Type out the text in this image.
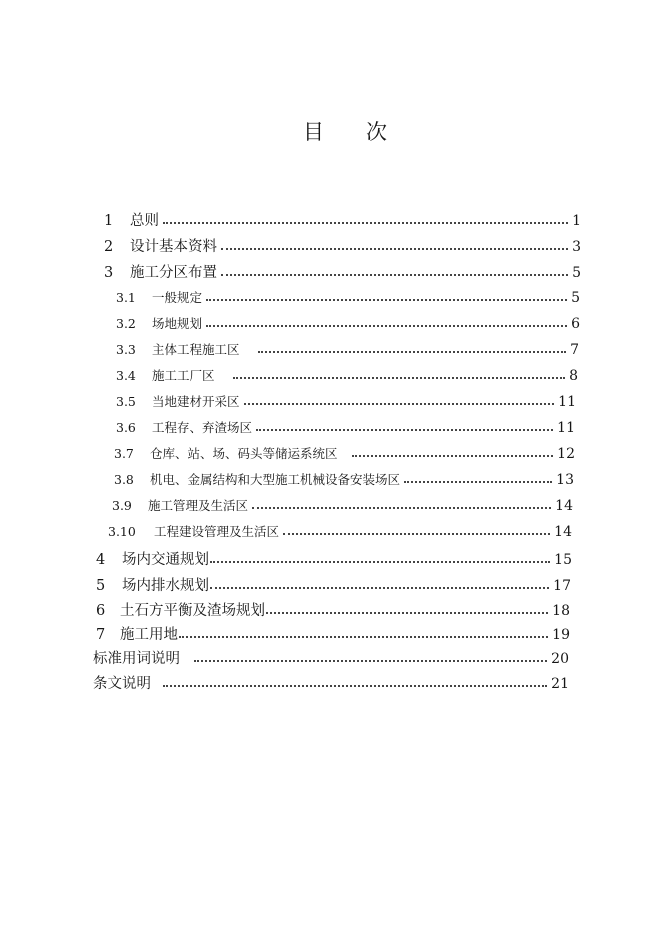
目 次
1	总则	1
2	设计基本资料	3
3	施工分区布置	5
3.1	一般规定	5
3.2	场地规划	6
3.3	主体工程施工区	7
3.4	施工工厂区	8
3.5	当地建材开采区	11
3.6	工程存、弃渣场区	11
3.7	仓库、站、场、码头等储运系统区	12
3.8	机电、金属结构和大型施工机械设备安装场区	13
3.9	施工管理及生活区	14
3.10	工程建设管理及生活区	14
4	场内交通规划	15
5	场内排水规划	17
6	土石方平衡及渣场规划	18
7	施工用地	19
标准用词说明	20
条文说明	21
